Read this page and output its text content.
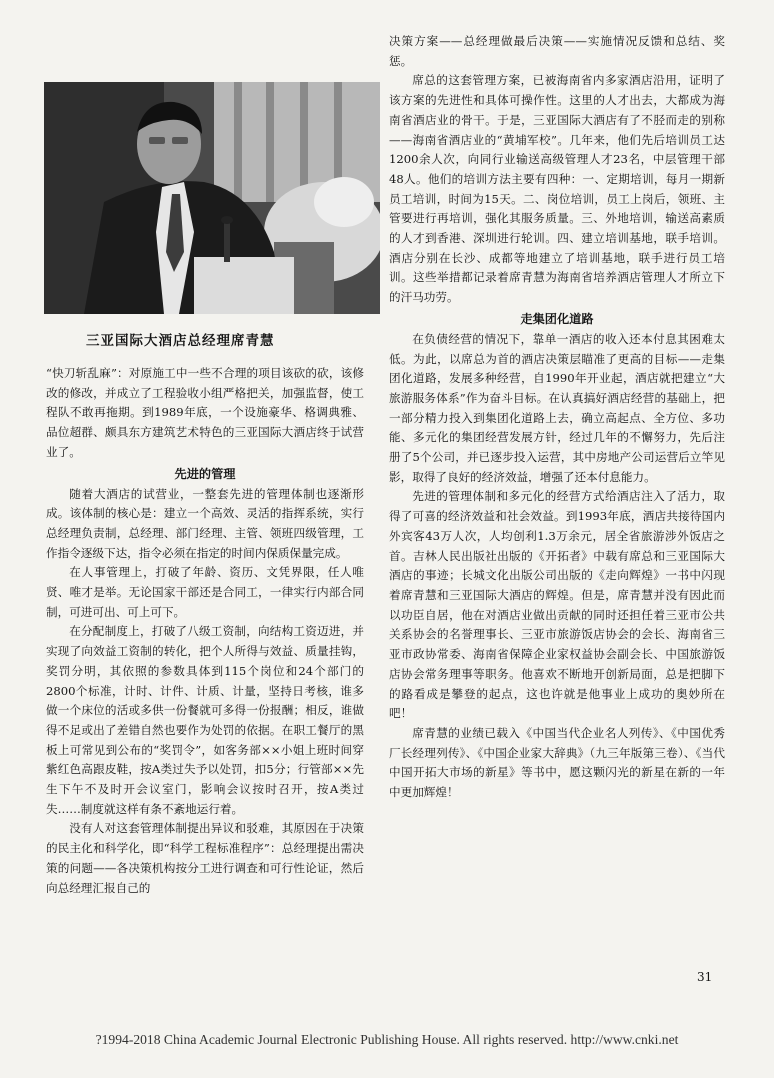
三亚国际大酒店总经理席青慧

“快刀斩乱麻”：对原施工中一些不合理的项目该砍的砍，该修改的修改，并成立了工程验收小组严格把关，加强监督，使工程队不敢再拖期。到1989年底，一个设施豪华、格调典雅、品位超群、颇具东方建筑艺术特色的三亚国际大酒店终于试营业了。

先进的管理

随着大酒店的试营业，一整套先进的管理体制也逐渐形成。该体制的核心是：建立一个高效、灵活的指挥系统，实行总经理负责制，总经理、部门经理、主管、领班四级管理，工作指令逐级下达，指令必须在指定的时间内保质保量完成。

在人事管理上，打破了年龄、资历、文凭界限，任人唯贤、唯才是举。无论国家干部还是合同工，一律实行内部合同制，可进可出、可上可下。

在分配制度上，打破了八级工资制，向结构工资迈进，并实现了向效益工资制的转化，把个人所得与效益、质量挂钩，奖罚分明，其依照的参数具体到115个岗位和24个部门的2800个标准，计时、计件、计质、计量，坚持日考核，谁多做一个床位的活或多供一份餐就可多得一份报酬；相反，谁做得不足或出了差错自然也要作为处罚的依据。在职工餐厅的黑板上可常见到公布的“奖罚令”，如客务部××小姐上班时间穿紫红色高跟皮鞋，按A类过失予以处罚，扣5分；行管部××先生下午不及时开会议室门，影响会议按时召开，按A类过失……制度就这样有条不紊地运行着。

没有人对这套管理体制提出异议和驳难，其原因在于决策的民主化和科学化，即“科学工程标准程序”：总经理提出需决策的问题——各决策机构按分工进行调查和可行性论证，然后向总经理汇报自己的

决策方案——总经理做最后决策——实施情况反馈和总结、奖惩。

席总的这套管理方案，已被海南省内多家酒店沿用，证明了该方案的先进性和具体可操作性。这里的人才出去，大都成为海南省酒店业的骨干。于是，三亚国际大酒店有了不胫而走的别称——海南省酒店业的“黄埔军校”。几年来，他们先后培训员工达1200余人次，向同行业输送高级管理人才23名，中层管理干部48人。他们的培训方法主要有四种：一、定期培训，每月一期新员工培训，时间为15天。二、岗位培训，员工上岗后，领班、主管要进行再培训，强化其服务质量。三、外地培训，输送高素质的人才到香港、深圳进行轮训。四、建立培训基地，联手培训。酒店分别在长沙、成都等地建立了培训基地，联手进行员工培训。这些举措都记录着席青慧为海南省培养酒店管理人才所立下的汗马功劳。

走集团化道路

在负债经营的情况下，靠单一酒店的收入还本付息其困难太低。为此，以席总为首的酒店决策层瞄准了更高的目标——走集团化道路，发展多种经营，自1990年开业起，酒店就把建立“大旅游服务体系”作为奋斗目标。在认真搞好酒店经营的基础上，把一部分精力投入到集团化道路上去，确立高起点、全方位、多功能、多元化的集团经营发展方针，经过几年的不懈努力，先后注册了5个公司，并已逐步投入运营，其中房地产公司运营后立竿见影，取得了良好的经济效益，增强了还本付息能力。

先进的管理体制和多元化的经营方式给酒店注入了活力，取得了可喜的经济效益和社会效益。到1993年底，酒店共接待国内外宾客43万人次，人均创利1.3万余元，居全省旅游涉外饭店之首。吉林人民出版社出版的《开拓者》中载有席总和三亚国际大酒店的事迹；长城文化出版公司出版的《走向辉煌》一书中闪现着席青慧和三亚国际大酒店的辉煌。但是，席青慧并没有因此而以功臣自居，他在对酒店业做出贡献的同时还担任着三亚市公共关系协会的名誉理事长、三亚市旅游饭店协会的会长、海南省三亚市政协常委、海南省保障企业家权益协会副会长、中国旅游饭店协会常务理事等职务。他喜欢不断地开创新局面，总是把脚下的路看成是攀登的起点，这也许就是他事业上成功的奥妙所在吧！

席青慧的业绩已载入《中国当代企业名人列传》、《中国优秀厂长经理列传》、《中国企业家大辞典》（九三年版第三卷）、《当代中国开拓大市场的新星》等书中，愿这颗闪光的新星在新的一年中更加辉煌！

31
?1994-2018 China Academic Journal Electronic Publishing House. All rights reserved. http://www.cnki.net
